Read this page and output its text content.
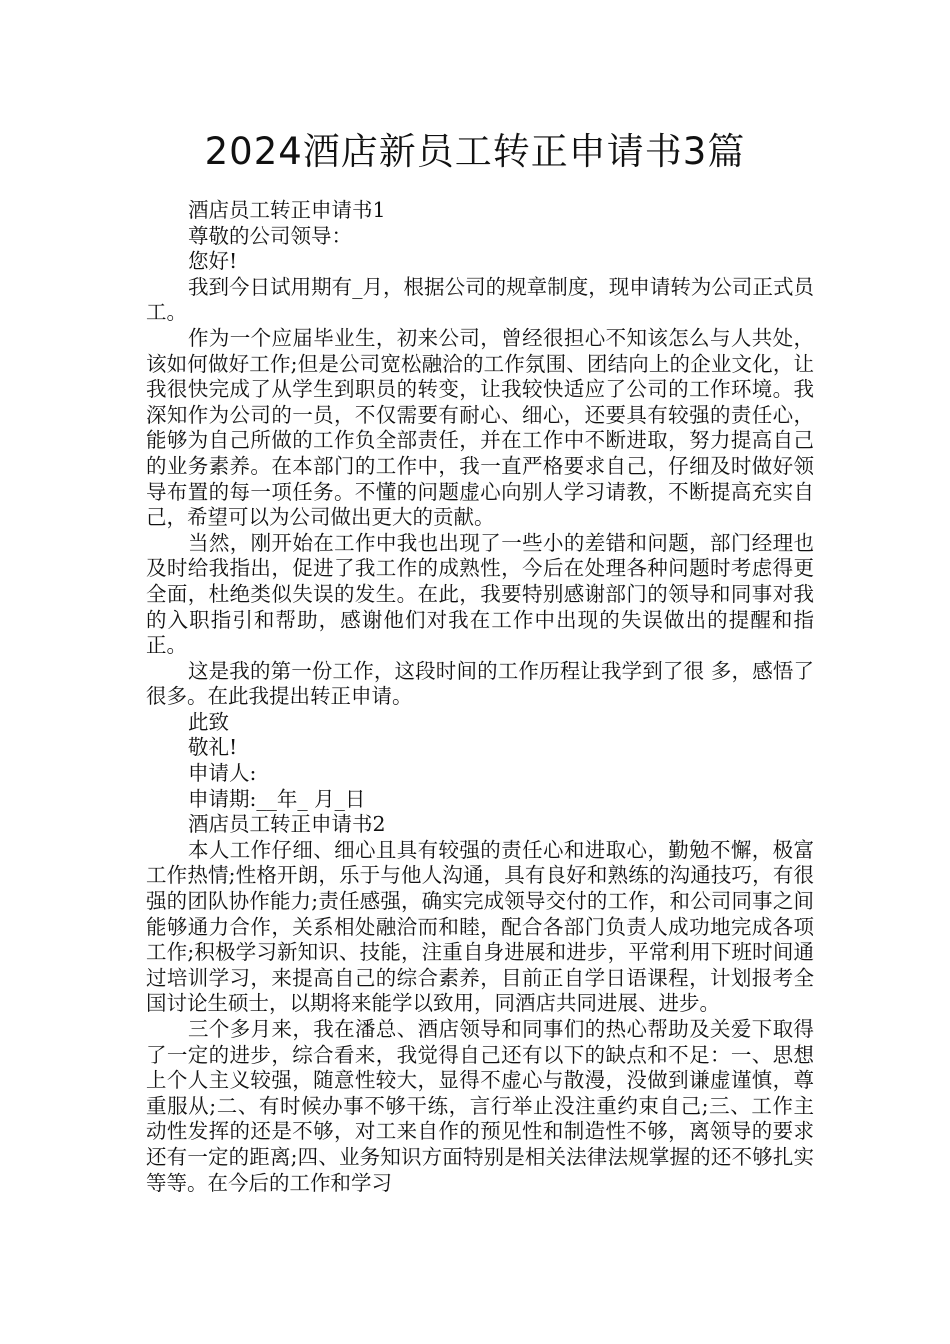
2024酒店新员工转正申请书3篇

酒店员工转正申请书1

尊敬的公司领导：

您好!

我到今日试用期有_月，根据公司的规章制度，现申请转为公司正式员工。

作为一个应届毕业生，初来公司，曾经很担心不知该怎么与人共处，该如何做好工作;但是公司宽松融洽的工作氛围、团结向上的企业文化，让我很快完成了从学生到职员的转变，让我较快适应了公司的工作环境。我深知作为公司的一员，不仅需要有耐心、细心，还要具有较强的责任心，能够为自己所做的工作负全部责任，并在工作中不断进取，努力提高自己的业务素养。在本部门的工作中，我一直严格要求自己，仔细及时做好领导布置的每一项任务。不懂的问题虚心向别人学习请教，不断提高充实自己，希望可以为公司做出更大的贡献。

当然，刚开始在工作中我也出现了一些小的差错和问题，部门经理也及时给我指出，促进了我工作的成熟性，今后在处理各种问题时考虑得更全面，杜绝类似失误的发生。在此，我要特别感谢部门的领导和同事对我的入职指引和帮助，感谢他们对我在工作中出现的失误做出的提醒和指正。

这是我的第一份工作，这段时间的工作历程让我学到了很 多，感悟了很多。在此我提出转正申请。

此致

敬礼!

申请人:

申请期:__年_ 月_日

酒店员工转正申请书2

本人工作仔细、细心且具有较强的责任心和进取心，勤勉不懈，极富工作热情;性格开朗，乐于与他人沟通，具有良好和熟练的沟通技巧，有很强的团队协作能力;责任感强，确实完成领导交付的工作，和公司同事之间能够通力合作，关系相处融洽而和睦，配合各部门负责人成功地完成各项工作;积极学习新知识、技能，注重自身进展和进步，平常利用下班时间通过培训学习，来提高自己的综合素养，目前正自学日语课程，计划报考全国讨论生硕士，以期将来能学以致用，同酒店共同进展、进步。

三个多月来，我在潘总、酒店领导和同事们的热心帮助及关爱下取得了一定的进步，综合看来，我觉得自己还有以下的缺点和不足：一、思想上个人主义较强，随意性较大，显得不虚心与散漫，没做到谦虚谨慎，尊重服从;二、有时候办事不够干练，言行举止没注重约束自己;三、工作主动性发挥的还是不够，对工来自作的预见性和制造性不够，离领导的要求还有一定的距离;四、业务知识方面特别是相关法律法规掌握的还不够扎实等等。在今后的工作和学习
